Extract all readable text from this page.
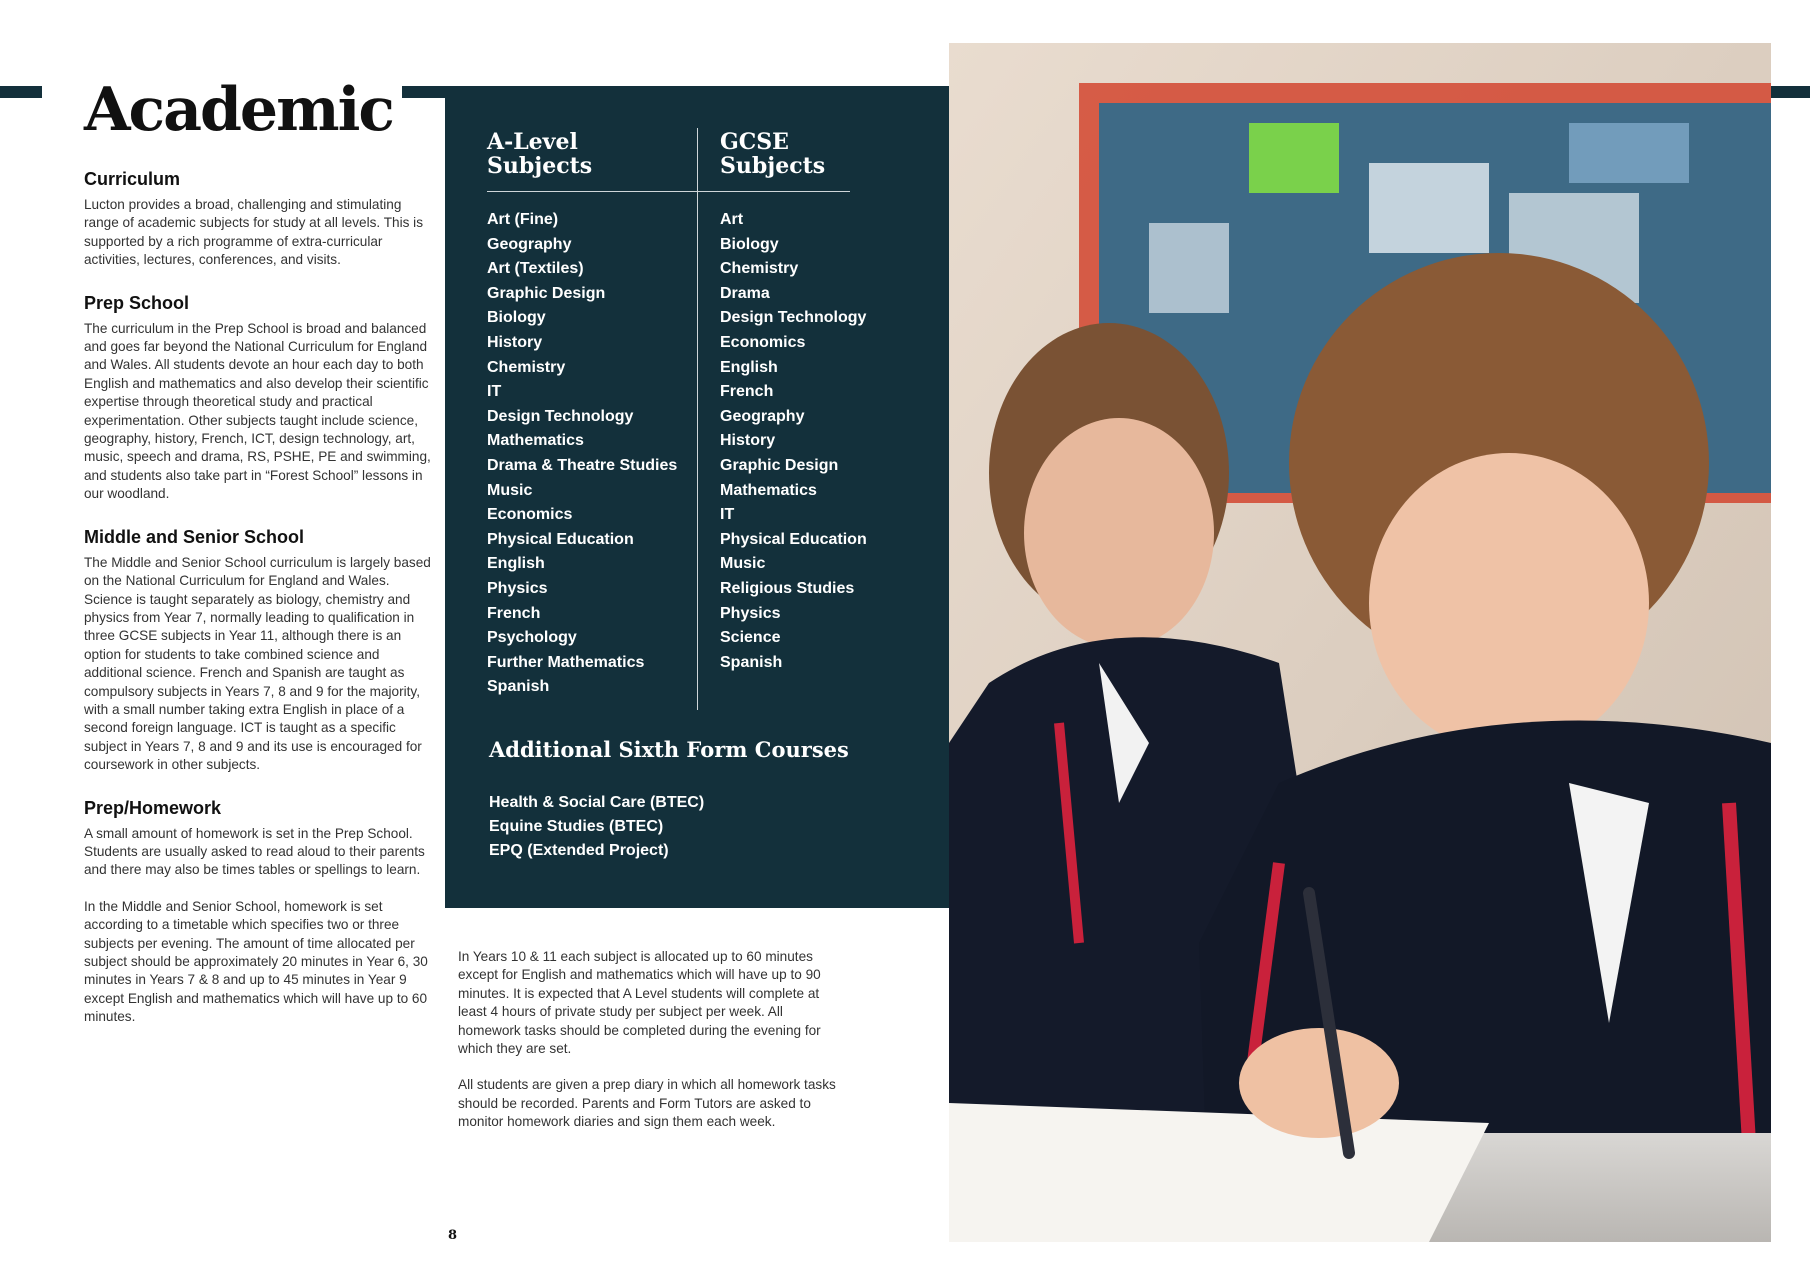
Academic
Curriculum

Lucton provides a broad, challenging and stimulating range of academic subjects for study at all levels. This is supported by a rich programme of extra-curricular activities, lectures, conferences, and visits.

Prep School

The curriculum in the Prep School is broad and balanced and goes far beyond the National Curriculum for England and Wales. All students devote an hour each day to both English and mathematics and also develop their scientific expertise through theoretical study and practical experimentation. Other subjects taught include science, geography, history, French, ICT, design technology, art, music, speech and drama, RS, PSHE, PE and swimming, and students also take part in “Forest School” lessons in our woodland.

Middle and Senior School

The Middle and Senior School curriculum is largely based on the National Curriculum for England and Wales. Science is taught separately as biology, chemistry and physics from Year 7, normally leading to qualification in three GCSE subjects in Year 11, although there is an option for students to take combined science and additional science. French and Spanish are taught as compulsory subjects in Years 7, 8 and 9 for the majority, with a small number taking extra English in place of a second foreign language. ICT is taught as a specific subject in Years 7, 8 and 9 and its use is encouraged for coursework in other subjects.

Prep/Homework

A small amount of homework is set in the Prep School. Students are usually asked to read aloud to their parents and there may also be times tables or spellings to learn.

In the Middle and Senior School, homework is set according to a timetable which specifies two or three subjects per evening. The amount of time allocated per subject should be approximately 20 minutes in Year 6, 30 minutes in Years 7 & 8 and up to 45 minutes in Year 9 except English and mathematics which will have up to 60 minutes.

A-Level
Subjects
GCSE
Subjects
Art (Fine)
Geography
Art (Textiles)
Graphic Design
Biology
History
Chemistry
IT
Design Technology
Mathematics
Drama & Theatre Studies
Music
Economics
Physical Education
English
Physics
French
Psychology
Further Mathematics
Spanish
Art
Biology
Chemistry
Drama
Design Technology
Economics
English
French
Geography
History
Graphic Design
Mathematics
IT
Physical Education
Music
Religious Studies
Physics
Science
Spanish
Additional Sixth Form Courses
Health & Social Care (BTEC)
Equine Studies (BTEC)
EPQ (Extended Project)

In Years 10 & 11 each subject is allocated up to 60 minutes except for English and mathematics which will have up to 90 minutes. It is expected that A Level students will complete at least 4 hours of private study per subject per week. All homework tasks should be completed during the evening for which they are set.

All students are given a prep diary in which all homework tasks should be recorded. Parents and Form Tutors are asked to monitor homework diaries and sign them each week.

8
